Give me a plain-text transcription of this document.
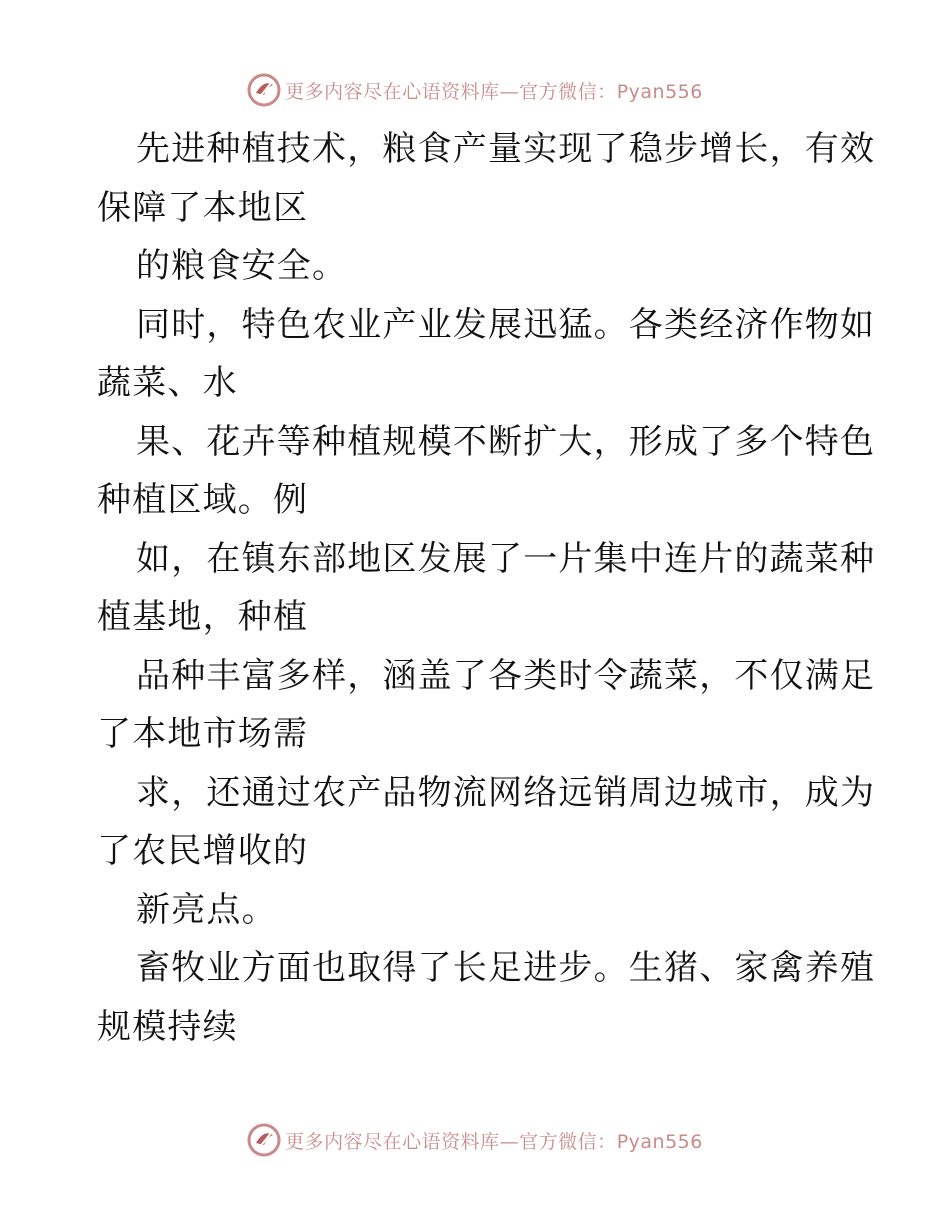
更多内容尽在心语资料库—官方微信：Pyan556
先进种植技术，粮食产量实现了稳步增长，有效
保障了本地区
的粮食安全。
同时，特色农业产业发展迅猛。各类经济作物如
蔬菜、水
果、花卉等种植规模不断扩大，形成了多个特色
种植区域。例
如，在镇东部地区发展了一片集中连片的蔬菜种
植基地，种植
品种丰富多样，涵盖了各类时令蔬菜，不仅满足
了本地市场需
求，还通过农产品物流网络远销周边城市，成为
了农民增收的
新亮点。
畜牧业方面也取得了长足进步。生猪、家禽养殖
规模持续
更多内容尽在心语资料库—官方微信：Pyan556
